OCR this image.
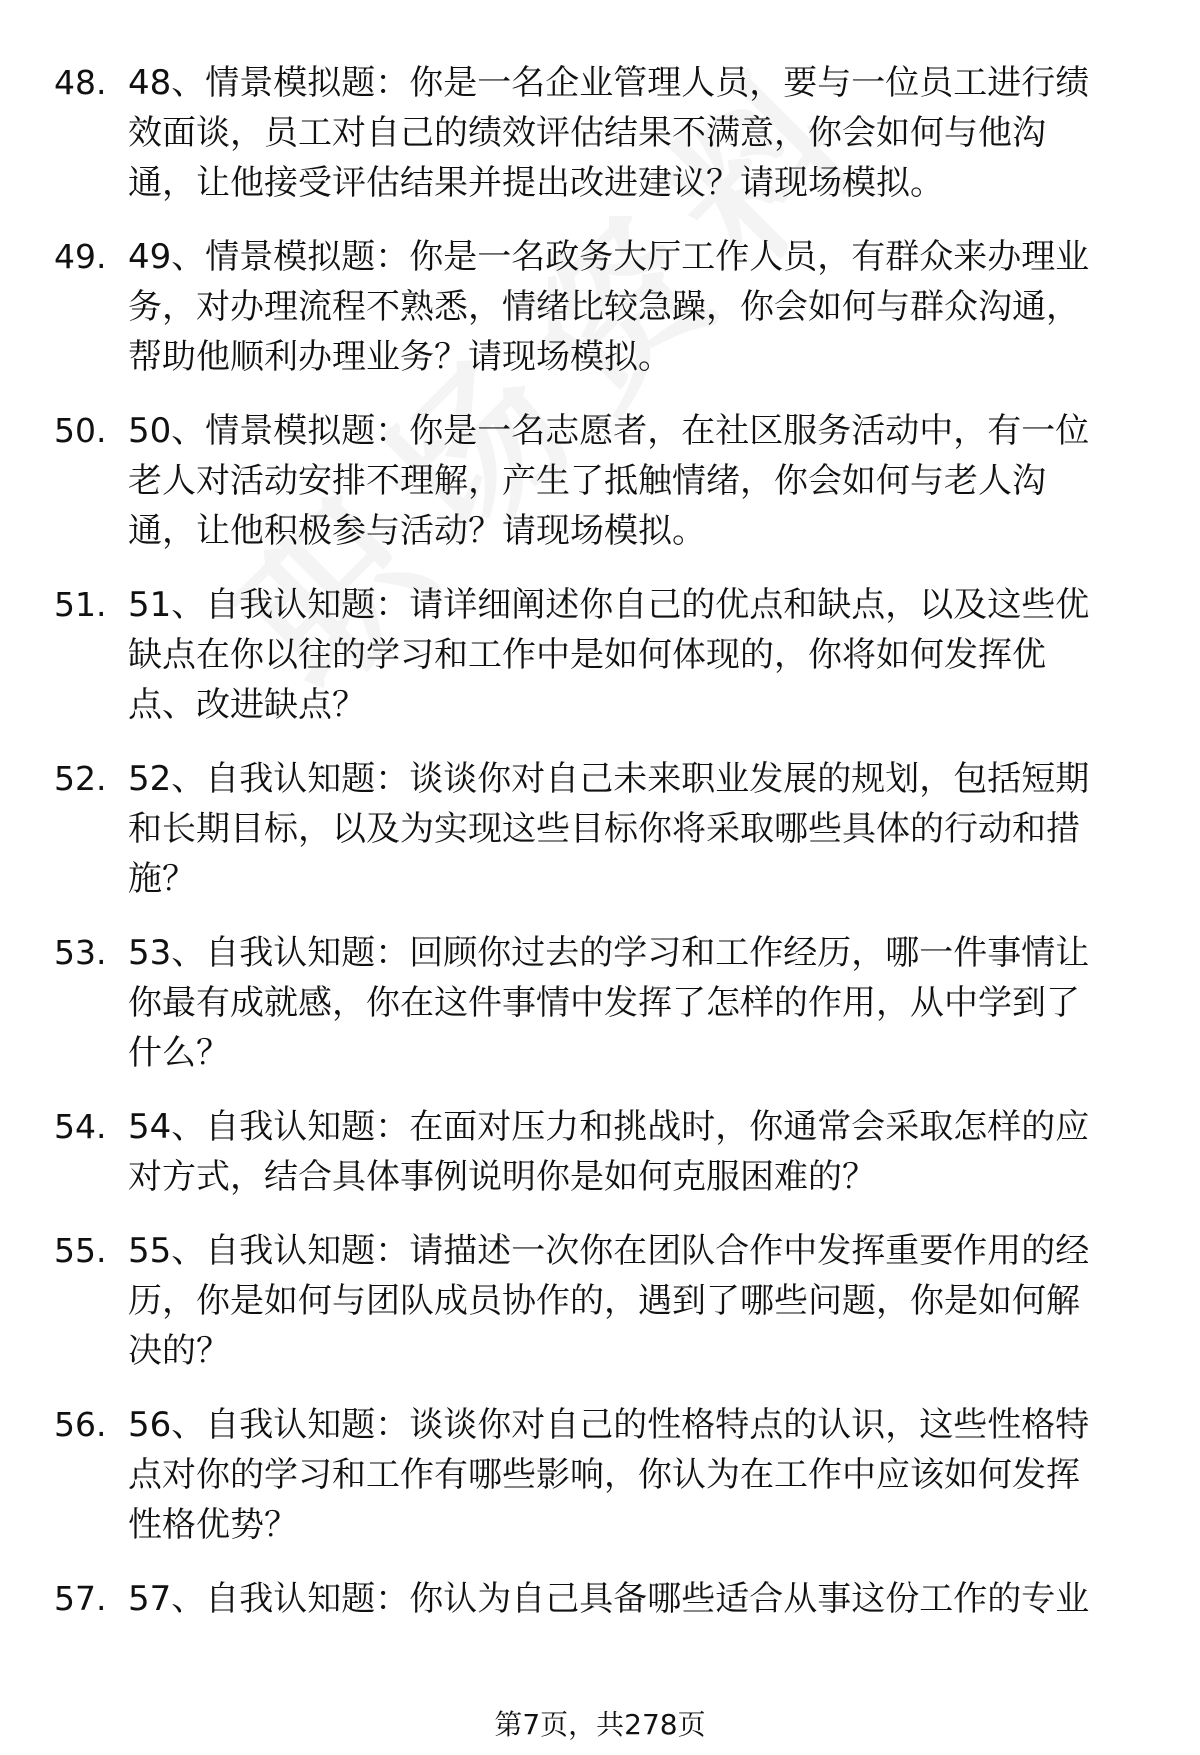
48. 48、情景模拟题：你是一名企业管理人员，要与一位员工进行绩
效面谈，员工对自己的绩效评估结果不满意，你会如何与他沟
通，让他接受评估结果并提出改进建议？请现场模拟。
49. 49、情景模拟题：你是一名政务大厅工作人员，有群众来办理业
务，对办理流程不熟悉，情绪比较急躁，你会如何与群众沟通，
帮助他顺利办理业务？请现场模拟。
50. 50、情景模拟题：你是一名志愿者，在社区服务活动中，有一位
老人对活动安排不理解，产生了抵触情绪，你会如何与老人沟
通，让他积极参与活动？请现场模拟。
51. 51、自我认知题：请详细阐述你自己的优点和缺点，以及这些优
缺点在你以往的学习和工作中是如何体现的，你将如何发挥优
点、改进缺点？
52. 52、自我认知题：谈谈你对自己未来职业发展的规划，包括短期
和长期目标，以及为实现这些目标你将采取哪些具体的行动和措
施？
53. 53、自我认知题：回顾你过去的学习和工作经历，哪一件事情让
你最有成就感，你在这件事情中发挥了怎样的作用，从中学到了
什么？
54. 54、自我认知题：在面对压力和挑战时，你通常会采取怎样的应
对方式，结合具体事例说明你是如何克服困难的？
55. 55、自我认知题：请描述一次你在团队合作中发挥重要作用的经
历，你是如何与团队成员协作的，遇到了哪些问题，你是如何解
决的？
56. 56、自我认知题：谈谈你对自己的性格特点的认识，这些性格特
点对你的学习和工作有哪些影响，你认为在工作中应该如何发挥
性格优势？
57. 57、自我认知题：你认为自己具备哪些适合从事这份工作的专业
第7页，共278页
